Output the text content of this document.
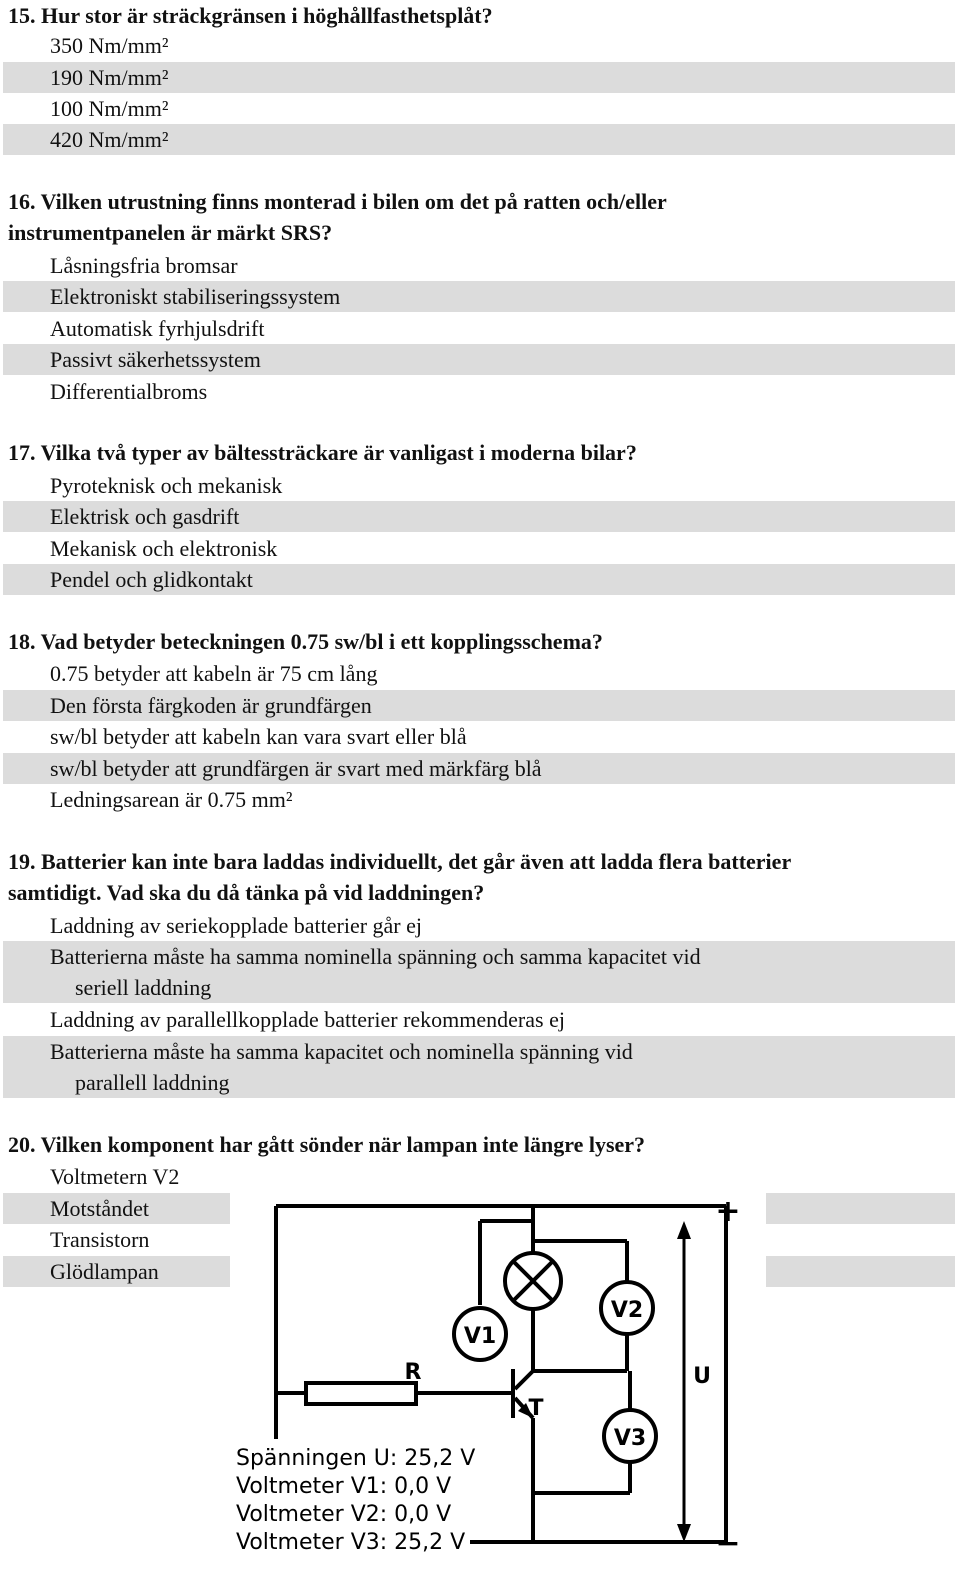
15. Hur stor är sträckgränsen i höghållfasthetsplåt?
350 Nm/mm²
190 Nm/mm²
100 Nm/mm²
420 Nm/mm²
16. Vilken utrustning finns monterad i bilen om det på ratten och/eller
instrumentpanelen är märkt SRS?
Låsningsfria bromsar
Elektroniskt stabiliseringssystem
Automatisk fyrhjulsdrift
Passivt säkerhetssystem
Differentialbroms
17. Vilka två typer av bältessträckare är vanligast i moderna bilar?
Pyroteknisk och mekanisk
Elektrisk och gasdrift
Mekanisk och elektronisk
Pendel och glidkontakt
18. Vad betyder beteckningen 0.75 sw/bl i ett kopplingsschema?
0.75 betyder att kabeln är 75 cm lång
Den första färgkoden är grundfärgen
sw/bl betyder att kabeln kan vara svart eller blå
sw/bl betyder att grundfärgen är svart med märkfärg blå
Ledningsarean är 0.75 mm²
19. Batterier kan inte bara laddas individuellt, det går även att ladda flera batterier
samtidigt. Vad ska du då tänka på vid laddningen?
Laddning av seriekopplade batterier går ej
Batterierna måste ha samma nominella spänning och samma kapacitet vid
seriell laddning
Laddning av parallellkopplade batterier rekommenderas ej
Batterierna måste ha samma kapacitet och nominella spänning vid
parallell laddning
20. Vilken komponent har gått sönder när lampan inte längre lyser?
Voltmetern V2
Motståndet
Transistorn
Glödlampan
+
−
V1
V2
V3
R
T
U
Spänningen U: 25,2 V
Voltmeter V1: 0,0 V
Voltmeter V2: 0,0 V
Voltmeter V3: 25,2 V
